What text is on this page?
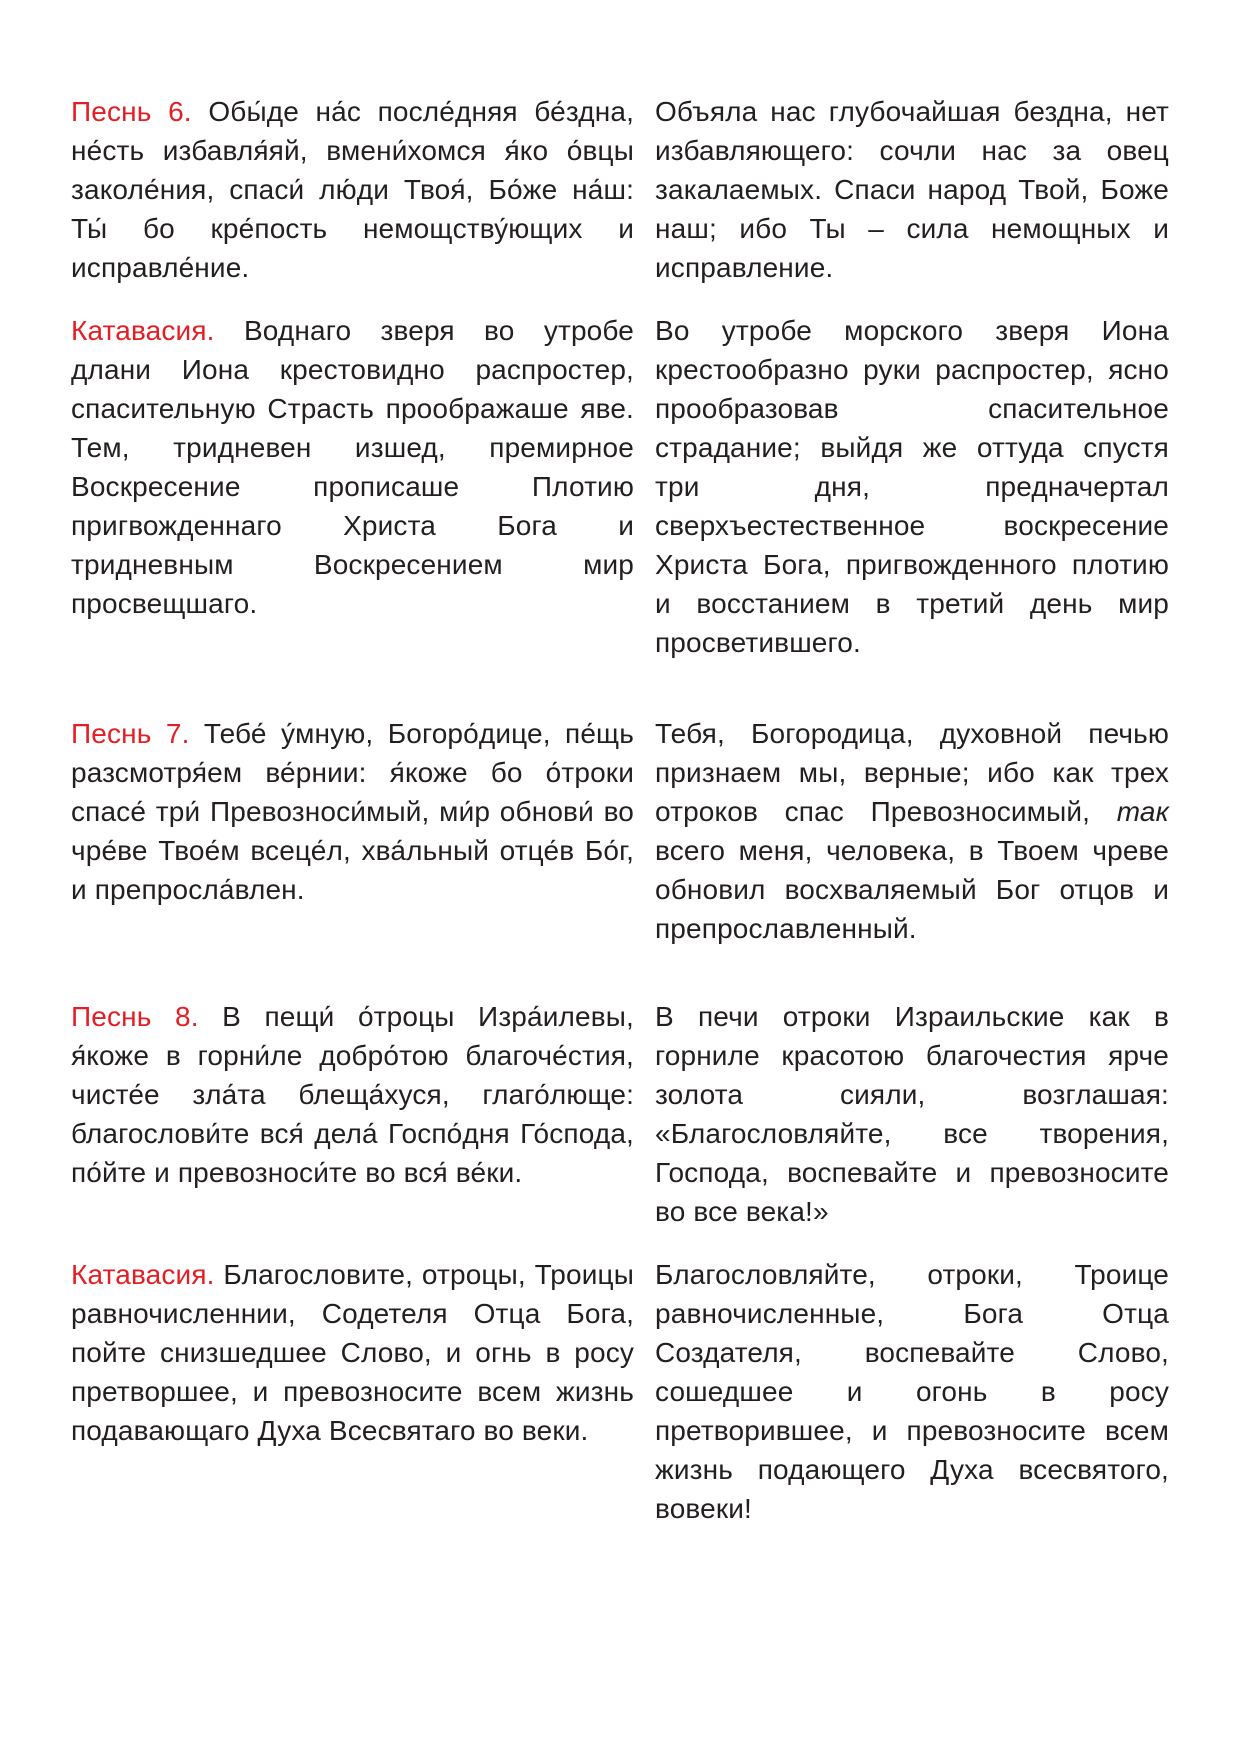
Песнь 6. Обы́де на́с после́дняя бе́здна, не́сть избавля́яй, вмени́хомся я́ко о́вцы заколе́ния, спаси́ лю́ди Твоя́, Бо́же на́ш: Ты́ бо кре́пость немощству́ющих и исправле́ние.

Объяла нас глубочайшая бездна, нет избавляющего: сочли нас за овец закалаемых. Спаси народ Твой, Боже наш; ибо Ты – сила немощных и исправление.

Катавасия. Воднаго зверя во утробе длани Иона крестовидно распростер, спасительную Страсть проображаше яве. Тем, тридневен изшед, премирное Воскресение прописаше Плотию пригвожденнаго Христа Бога и тридневным Воскресением мир просвещшаго.

Во утробе морского зверя Иона крестообразно руки распростер, ясно прообразовав спасительное страдание; выйдя же оттуда спустя три дня, предначертал сверхъестественное воскресение Христа Бога, пригвожденного плотию и восстанием в третий день мир просветившего.

Песнь 7. Тебе́ у́мную, Богоро́дице, пе́щь разсмотря́ем ве́рнии: я́коже бо о́троки спасе́ три́ Превозноси́мый, ми́р обнови́ во чре́ве Твое́м всеце́л, хва́льный отце́в Бо́г, и препросла́влен.

Тебя, Богородица, духовной печью признаем мы, верные; ибо как трех отроков спас Превозносимый, так всего меня, человека, в Твоем чреве обновил восхваляемый Бог отцов и препрославленный.

Песнь 8. В пещи́ о́троцы Изра́илевы, я́коже в горни́ле добро́тою благоче́стия, чисте́е зла́та блеща́хуся, глаго́люще: благослови́те вся́ дела́ Госпо́дня Го́спода, по́йте и превозноси́те во вся́ ве́ки.

В печи отроки Израильские как в горниле красотою благочестия ярче золота сияли, возглашая: «Благословляйте, все творения, Господа, воспевайте и превозносите во все века!»

Катавасия. Благословите, отроцы, Троицы равночисленнии, Содетеля Отца Бога, пойте снизшедшее Слово, и огнь в росу претворшее, и превозносите всем жизнь подавающаго Духа Всесвятаго во веки.

Благословляйте, отроки, Троице равночисленные, Бога Отца Создателя, воспевайте Слово, сошедшее и огонь в росу претворившее, и превозносите всем жизнь подающего Духа всесвятого, вовеки!
